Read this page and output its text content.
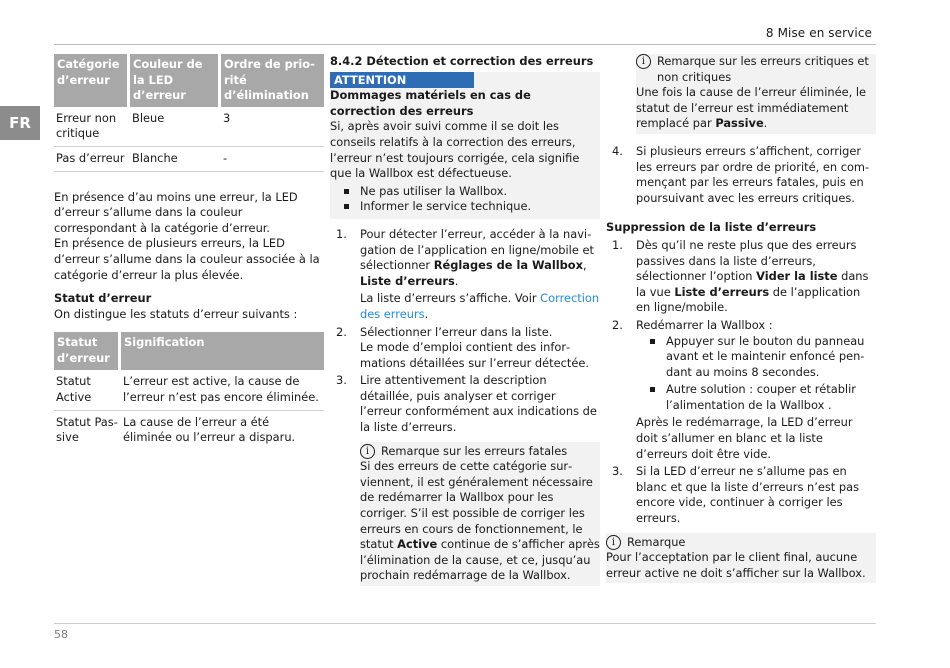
8 Mise en service
FR
Catégorie d’erreur	Couleur de la LED d’erreur	Ordre de priorité d’élimination
Erreur non critique	Bleue	3
Pas d’erreur	Blanche	-

En présence d’au moins une erreur, la LED d’erreur s’allume dans la couleur correspondant à la catégorie d’erreur.

En présence de plusieurs erreurs, la LED d’erreur s’allume dans la couleur associée à la catégorie d’erreur la plus élevée.

Statut d’erreur

On distingue les statuts d’erreur suivants :

Statut d’erreur	Signification
Statut Active	L’erreur est active, la cause de l’erreur n’est pas encore éliminée.
Statut Passive	La cause de l’erreur a été éliminée ou l’erreur a disparu.

8.4.2 Détection et correction des erreurs

ATTENTION

Dommages matériels en cas de correction des erreurs

Si, après avoir suivi comme il se doit les conseils relatifs à la correction des erreurs, l’erreur n’est toujours corrigée, cela signifie que la Wallbox est défectueuse.

Ne pas utiliser la Wallbox.
Informer le service technique.
1. Pour détecter l’erreur, accéder à la navigation de l’application en ligne/mobile et sélectionner Réglages de la Wallbox, Liste d’erreurs.

La liste d’erreurs s’affiche. Voir Correction des erreurs.

2. Sélectionner l’erreur dans la liste.

Le mode d’emploi contient des informations détaillées sur l’erreur détectée.

3. Lire attentivement la description détaillée, puis analyser et corriger l’erreur conformément aux indications de la liste d’erreurs.
i	Remarque sur les erreurs fatales

Si des erreurs de cette catégorie surviennent, il est généralement nécessaire de redémarrer la Wallbox pour les corriger. S’il est possible de corriger les erreurs en cours de fonctionnement, le statut Active continue de s’afficher après l’élimination de la cause, et ce, jusqu’au prochain redémarrage de la Wallbox.

i	Remarque sur les erreurs critiques et non critiques

Une fois la cause de l’erreur éliminée, le statut de l’erreur est immédiatement remplacé par Passive.

4. Si plusieurs erreurs s’affichent, corriger les erreurs par ordre de priorité, en commençant par les erreurs fatales, puis en poursuivant avec les erreurs critiques.

Suppression de la liste d’erreurs

1. Dès qu’il ne reste plus que des erreurs passives dans la liste d’erreurs, sélectionner l’option Vider la liste dans la vue Liste d’erreurs de l’application en ligne/mobile.
2. Redémarrer la Wallbox :
Appuyer sur le bouton du panneau avant et le maintenir enfoncé pendant au moins 8 secondes.
Autre solution : couper et rétablir l’alimentation de la Wallbox .

Après le redémarrage, la LED d’erreur doit s’allumer en blanc et la liste d’erreurs doit être vide.

3. Si la LED d’erreur ne s’allume pas en blanc et que la liste d’erreurs n’est pas encore vide, continuer à corriger les erreurs.
i	Remarque

Pour l’acceptation par le client final, aucune erreur active ne doit s’afficher sur la Wallbox.

58
